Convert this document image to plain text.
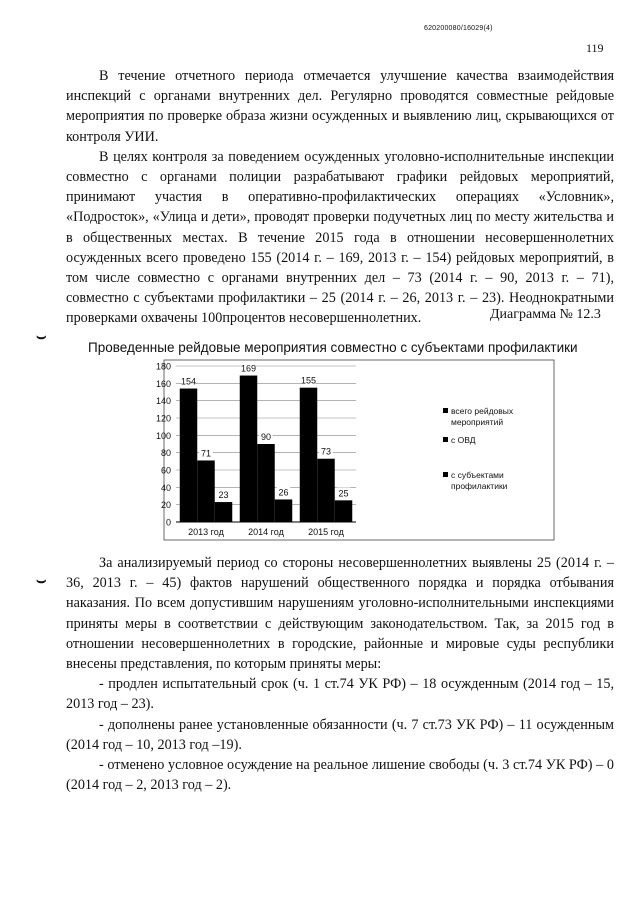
620200080/16029(4)
119

В течение отчетного периода отмечается улучшение качества взаимодействия инспекций с органами внутренних дел. Регулярно проводятся совместные рейдовые мероприятия по проверке образа жизни осужденных и выявлению лиц, скрывающихся от контроля УИИ.

В целях контроля за поведением осужденных уголовно-исполнительные инспекции совместно с органами полиции разрабатывают графики рейдовых мероприятий, принимают участия в оперативно-профилактических операциях «Условник», «Подросток», «Улица и дети», проводят проверки подучетных лиц по месту жительства и в общественных местах. В течение 2015 года в отношении несовершеннолетних осужденных всего проведено 155 (2014 г. – 169, 2013 г. – 154) рейдовых мероприятий, в том числе совместно с органами внутренних дел – 73 (2014 г. – 90, 2013 г. – 71), совместно с субъектами профилактики – 25 (2014 г. – 26, 2013 г. – 23). Неоднократными проверками охвачены 100процентов несовершеннолетних.	Диаграмма № 12.3
⌣
⌣
Проведенные рейдовые мероприятия совместно с субъектами профилактики
0
20
40
60
80
100
120
140
160
180
154
71
23
2013 год
169
90
26
2014 год
155
73
25
2015 год
всего рейдовых
мероприятий
с ОВД
с субъектами
профилактики

За анализируемый период со стороны несовершеннолетних выявлены 25 (2014 г. – 36, 2013 г. – 45) фактов нарушений общественного порядка и порядка отбывания наказания. По всем допустившим нарушениям уголовно-исполнительными инспекциями приняты меры в соответствии с действующим законодательством. Так, за 2015 год в отношении несовершеннолетних в городские, районные и мировые суды республики внесены представления, по которым приняты меры:

- продлен испытательный срок (ч. 1 ст.74 УК РФ) – 18 осужденным (2014 год – 15, 2013 год – 23).

- дополнены ранее установленные обязанности (ч. 7 ст.73 УК РФ) – 11 осужденным (2014 год – 10, 2013 год –19).

- отменено условное осуждение на реальное лишение свободы (ч. 3 ст.74 УК РФ) – 0 (2014 год – 2, 2013 год – 2).
